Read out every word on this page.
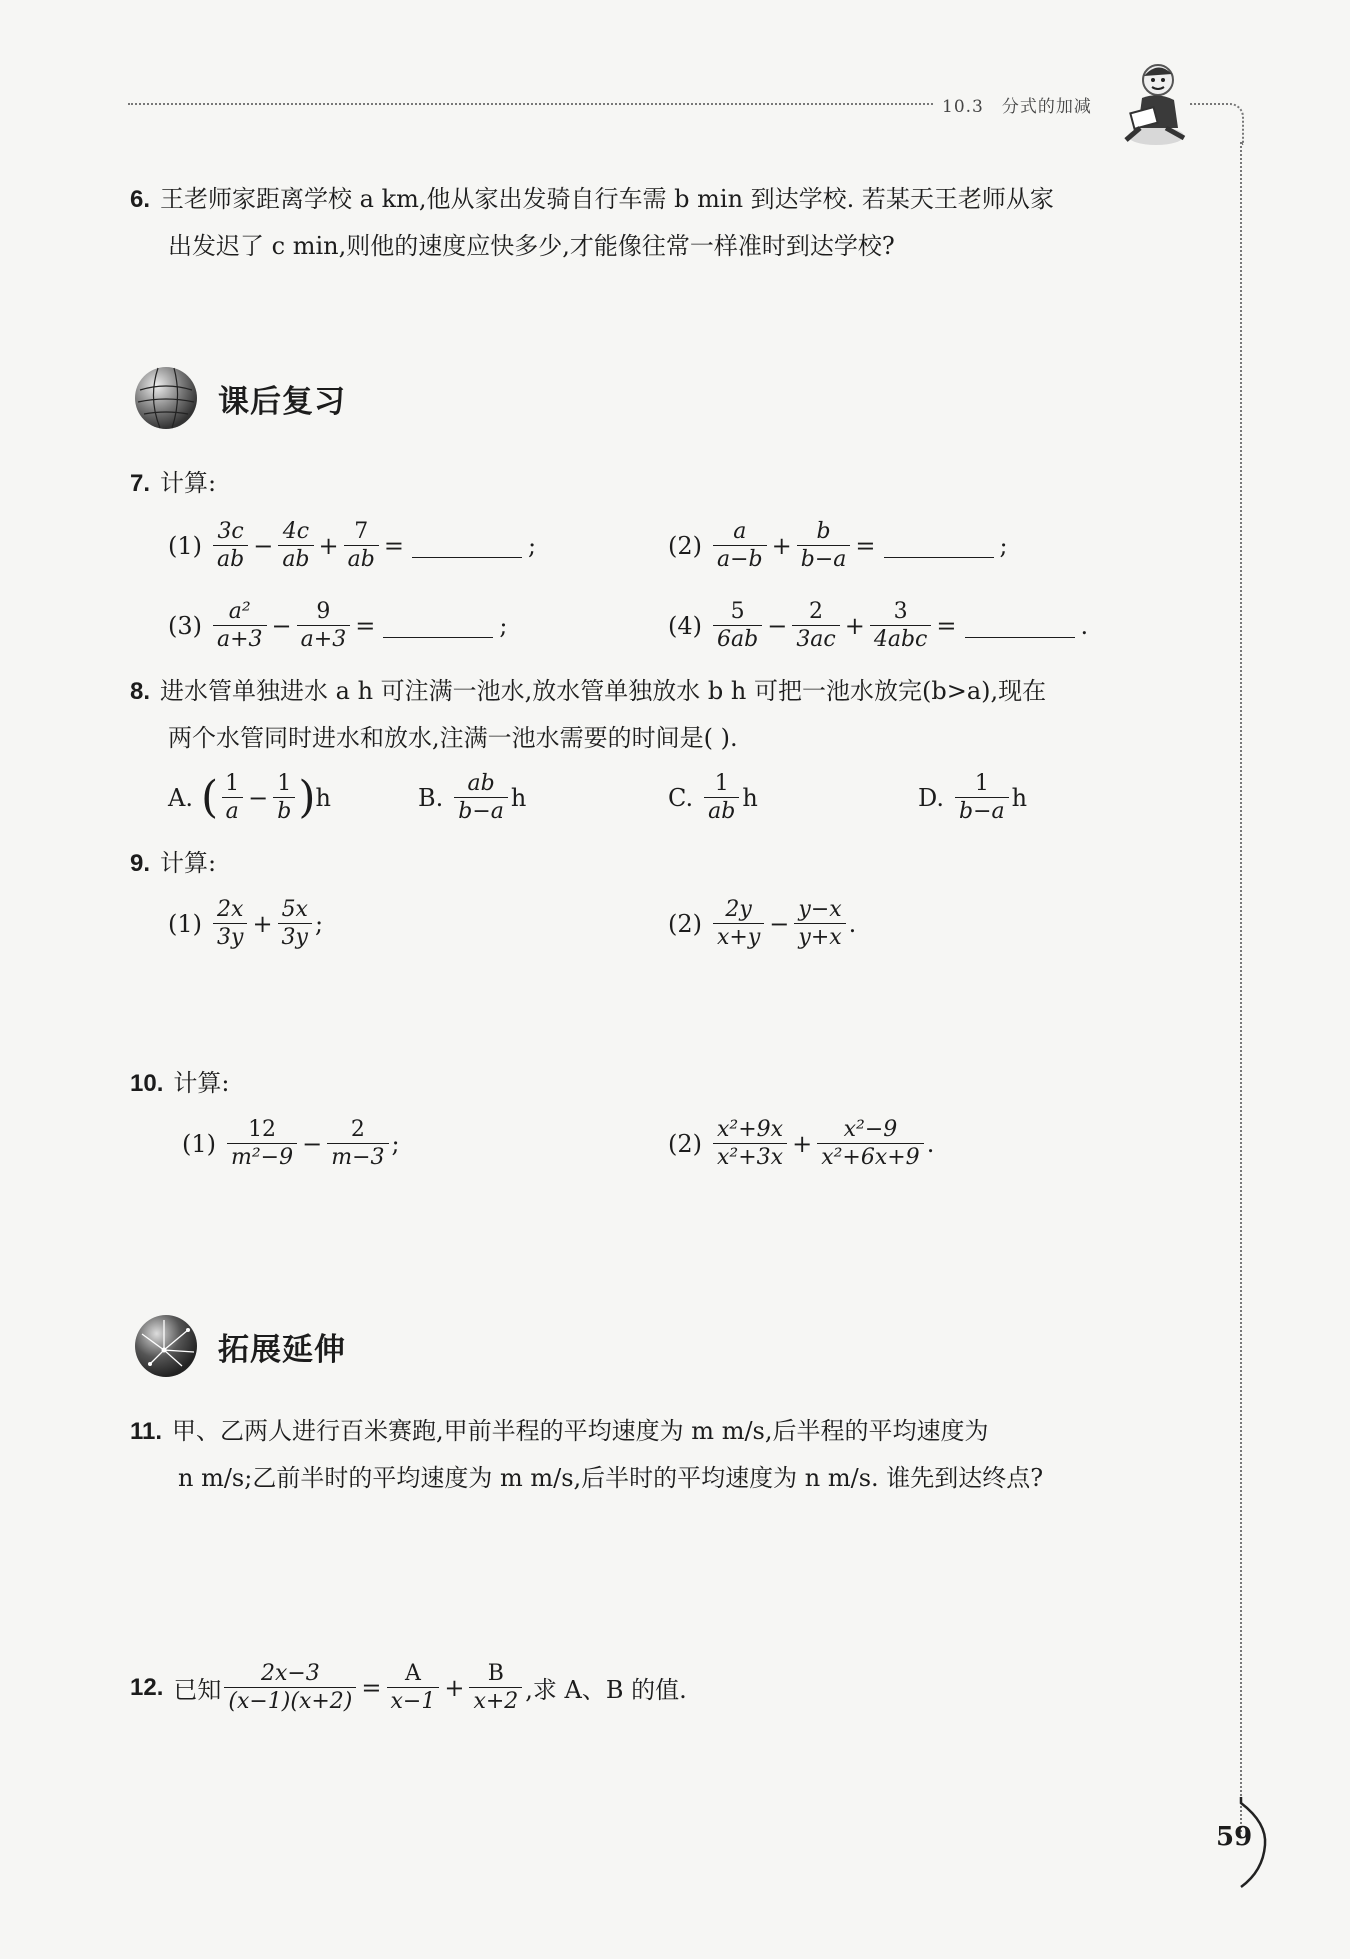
10.3 分式的加减
59
6. 王老师家距离学校 a km,他从家出发骑自行车需 b min 到达学校. 若某天王老师从家
出发迟了 c min,则他的速度应快多少,才能像往常一样准时到达学校?
课后复习
7. 计算:
$(1) \frac{3c}{ab} - \frac{4c}{ab} + \frac{7}{ab}$ =	;	$(2) \frac{a}{a-b} + \frac{b}{b-a}$ =	;
$(3) \frac{\text{a²}}{a+3} - \frac{9}{a+3}$ =	;	$(4) \frac{5}{6ab} - \frac{2}{3ac} + \frac{3}{\text{4abc}}$ =	.
8. 进水管单独进水 a h 可注满一池水,放水管单独放水 b h 可把一池水放完(b>a),现在
两个水管同时进水和放水,注满一池水需要的时间是( ).
A. ( $\frac{1}{a} - \frac{1}{b}$ ) h	B. $\frac{ab}{b-a}$ h	C. $\frac{1}{ab}$ h	D. $\frac{1}{b-a}$ h
9. 计算:
$(1) \frac{2x}{3y} + \frac{5x}{3y}$ ;	$(2) \frac{2y}{x+y} - \frac{y-x}{y+x}$ .
10. 计算:
$(1) \frac{12}{\text{m²−9}} - \frac{2}{m-3}$ ;	$(2) \frac{\text{x²+9x}}{\text{x²+3x}} + \frac{\text{x²−9}}{\text{x²+6x+9}}$ .
拓展延伸
11. 甲、乙两人进行百米赛跑,甲前半程的平均速度为 m m/s,后半程的平均速度为
n m/s;乙前半时的平均速度为 m m/s,后半时的平均速度为 n m/s. 谁先到达终点?
12. 已知 $\frac{2x-3}{(x-1)(x+2)} = \frac{A}{x-1} + \frac{B}{x+2}$ ,求 A、B 的值.
